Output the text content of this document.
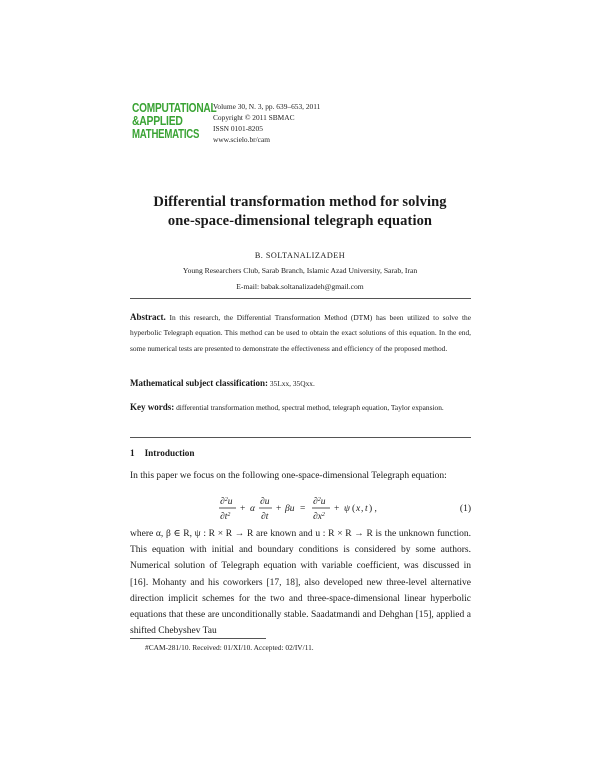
COMPUTATIONAL
&APPLIED
MATHEMATICS
Volume 30, N. 3, pp. 639–653, 2011
Copyright © 2011 SBMAC
ISSN 0101-8205
www.scielo.br/cam
Differential transformation method for solving
one-space-dimensional telegraph equation
B. SOLTANALIZADEH
Young Researchers Club, Sarab Branch, Islamic Azad University, Sarab, Iran
E-mail: babak.soltanalizadeh@gmail.com
Abstract. In this research, the Differential Transformation Method (DTM) has been utilized to solve the hyperbolic Telegraph equation. This method can be used to obtain the exact solutions of this equation. In the end, some numerical tests are presented to demonstrate the effectiveness and efficiency of the proposed method.
Mathematical subject classification: 35Lxx, 35Qxx.
Key words: differential transformation method, spectral method, telegraph equation, Taylor expansion.
1 Introduction
In this paper we focus on the following one-space-dimensional Telegraph equation:
∂$^2$u
$\partial t^2$
+ α
∂u
∂t
+ βu =
∂$^2$u
$\partial x^2$
+ ψ ( x , t ) ,	(1)
where α, β ∈ R, ψ : R × R → R are known and u : R × R → R is the unknown function. This equation with initial and boundary conditions is considered by some authors. Numerical solution of Telegraph equation with variable coefficient, was discussed in [16]. Mohanty and his coworkers [17, 18], also developed new three-level alternative direction implicit schemes for the two and three-space-dimensional linear hyperbolic equations that these are unconditionally stable. Saadatmandi and Dehghan [15], applied a shifted Chebyshev Tau
#CAM-281/10. Received: 01/XI/10. Accepted: 02/IV/11.
